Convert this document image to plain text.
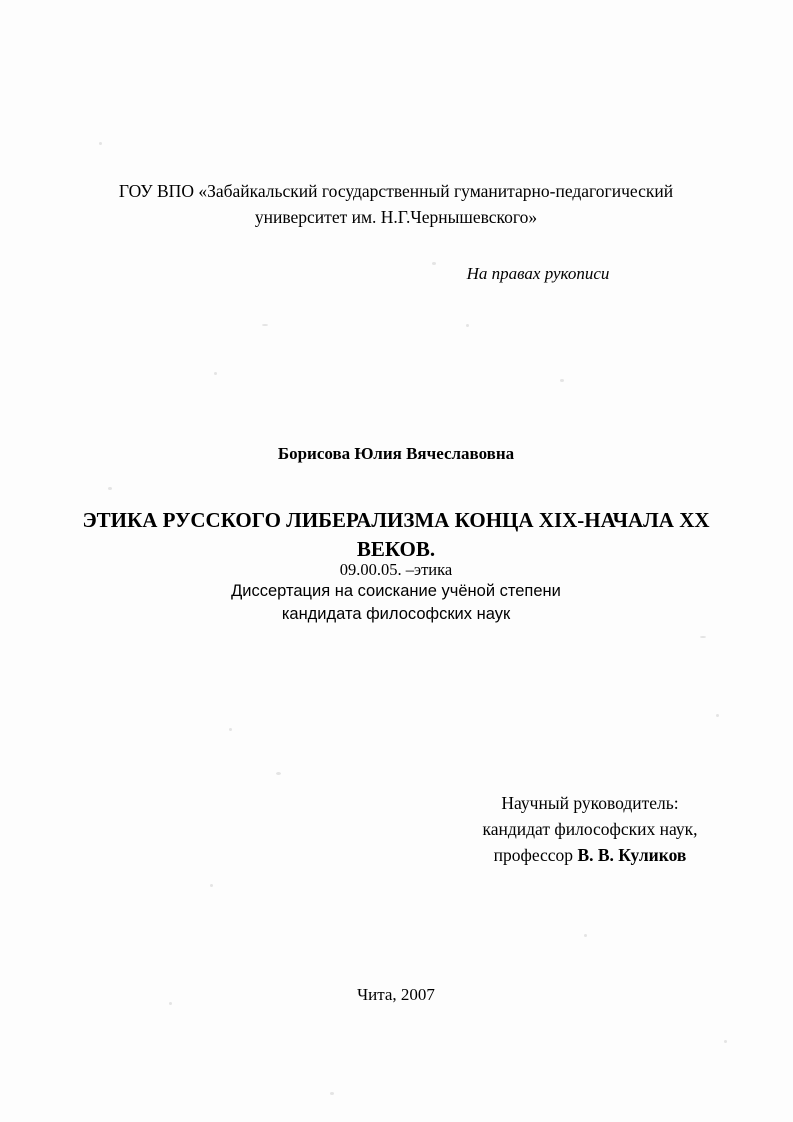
ГОУ ВПО «Забайкальский государственный гуманитарно-педагогический университет им. Н.Г.Чернышевского»
На правах рукописи
Борисова Юлия Вячеславовна
ЭТИКА РУССКОГО ЛИБЕРАЛИЗМА КОНЦА XIX-НАЧАЛА XX ВЕКОВ.
09.00.05. –этика
Диссертация на соискание учёной степени
кандидата философских наук
Научный руководитель:
кандидат философских наук,
профессор В. В. Куликов
Чита, 2007
